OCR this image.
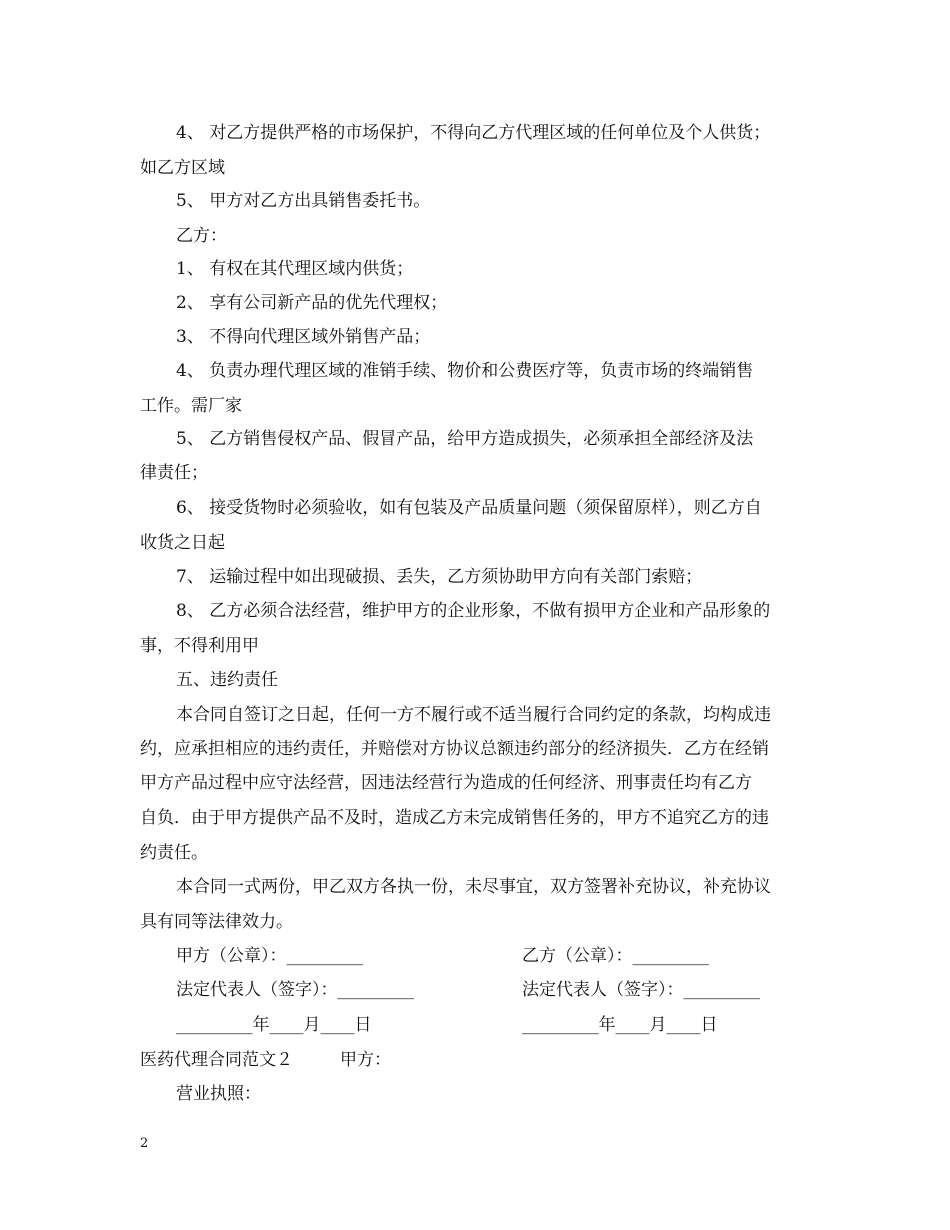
4、 对乙方提供严格的市场保护，不得向乙方代理区域的任何单位及个人供货；
如乙方区域
5、 甲方对乙方出具销售委托书。
乙方：
1、 有权在其代理区域内供货；
2、 享有公司新产品的优先代理权；
3、 不得向代理区域外销售产品；
4、 负责办理代理区域的准销手续、物价和公费医疗等，负责市场的终端销售
工作。需厂家
5、 乙方销售侵权产品、假冒产品，给甲方造成损失，必须承担全部经济及法
律责任；
6、 接受货物时必须验收，如有包装及产品质量问题（须保留原样），则乙方自
收货之日起
7、 运输过程中如出现破损、丢失，乙方须协助甲方向有关部门索赔；
8、 乙方必须合法经营，维护甲方的企业形象，不做有损甲方企业和产品形象的
事，不得利用甲
五、违约责任
本合同自签订之日起，任何一方不履行或不适当履行合同约定的条款，均构成违
约，应承担相应的违约责任，并赔偿对方协议总额违约部分的经济损失．乙方在经销
甲方产品过程中应守法经营，因违法经营行为造成的任何经济、刑事责任均有乙方
自负．由于甲方提供产品不及时，造成乙方未完成销售任务的，甲方不追究乙方的违
约责任。
本合同一式两份，甲乙双方各执一份，未尽事宜，双方签署补充协议，补充协议
具有同等法律效力。
甲方（公章）：_________	乙方（公章）：_________
法定代表人（签字）：_________	法定代表人（签字）：_________
_________年____月____日	_________年____月____日
医药代理合同范文２	甲方：
营业执照：
2
